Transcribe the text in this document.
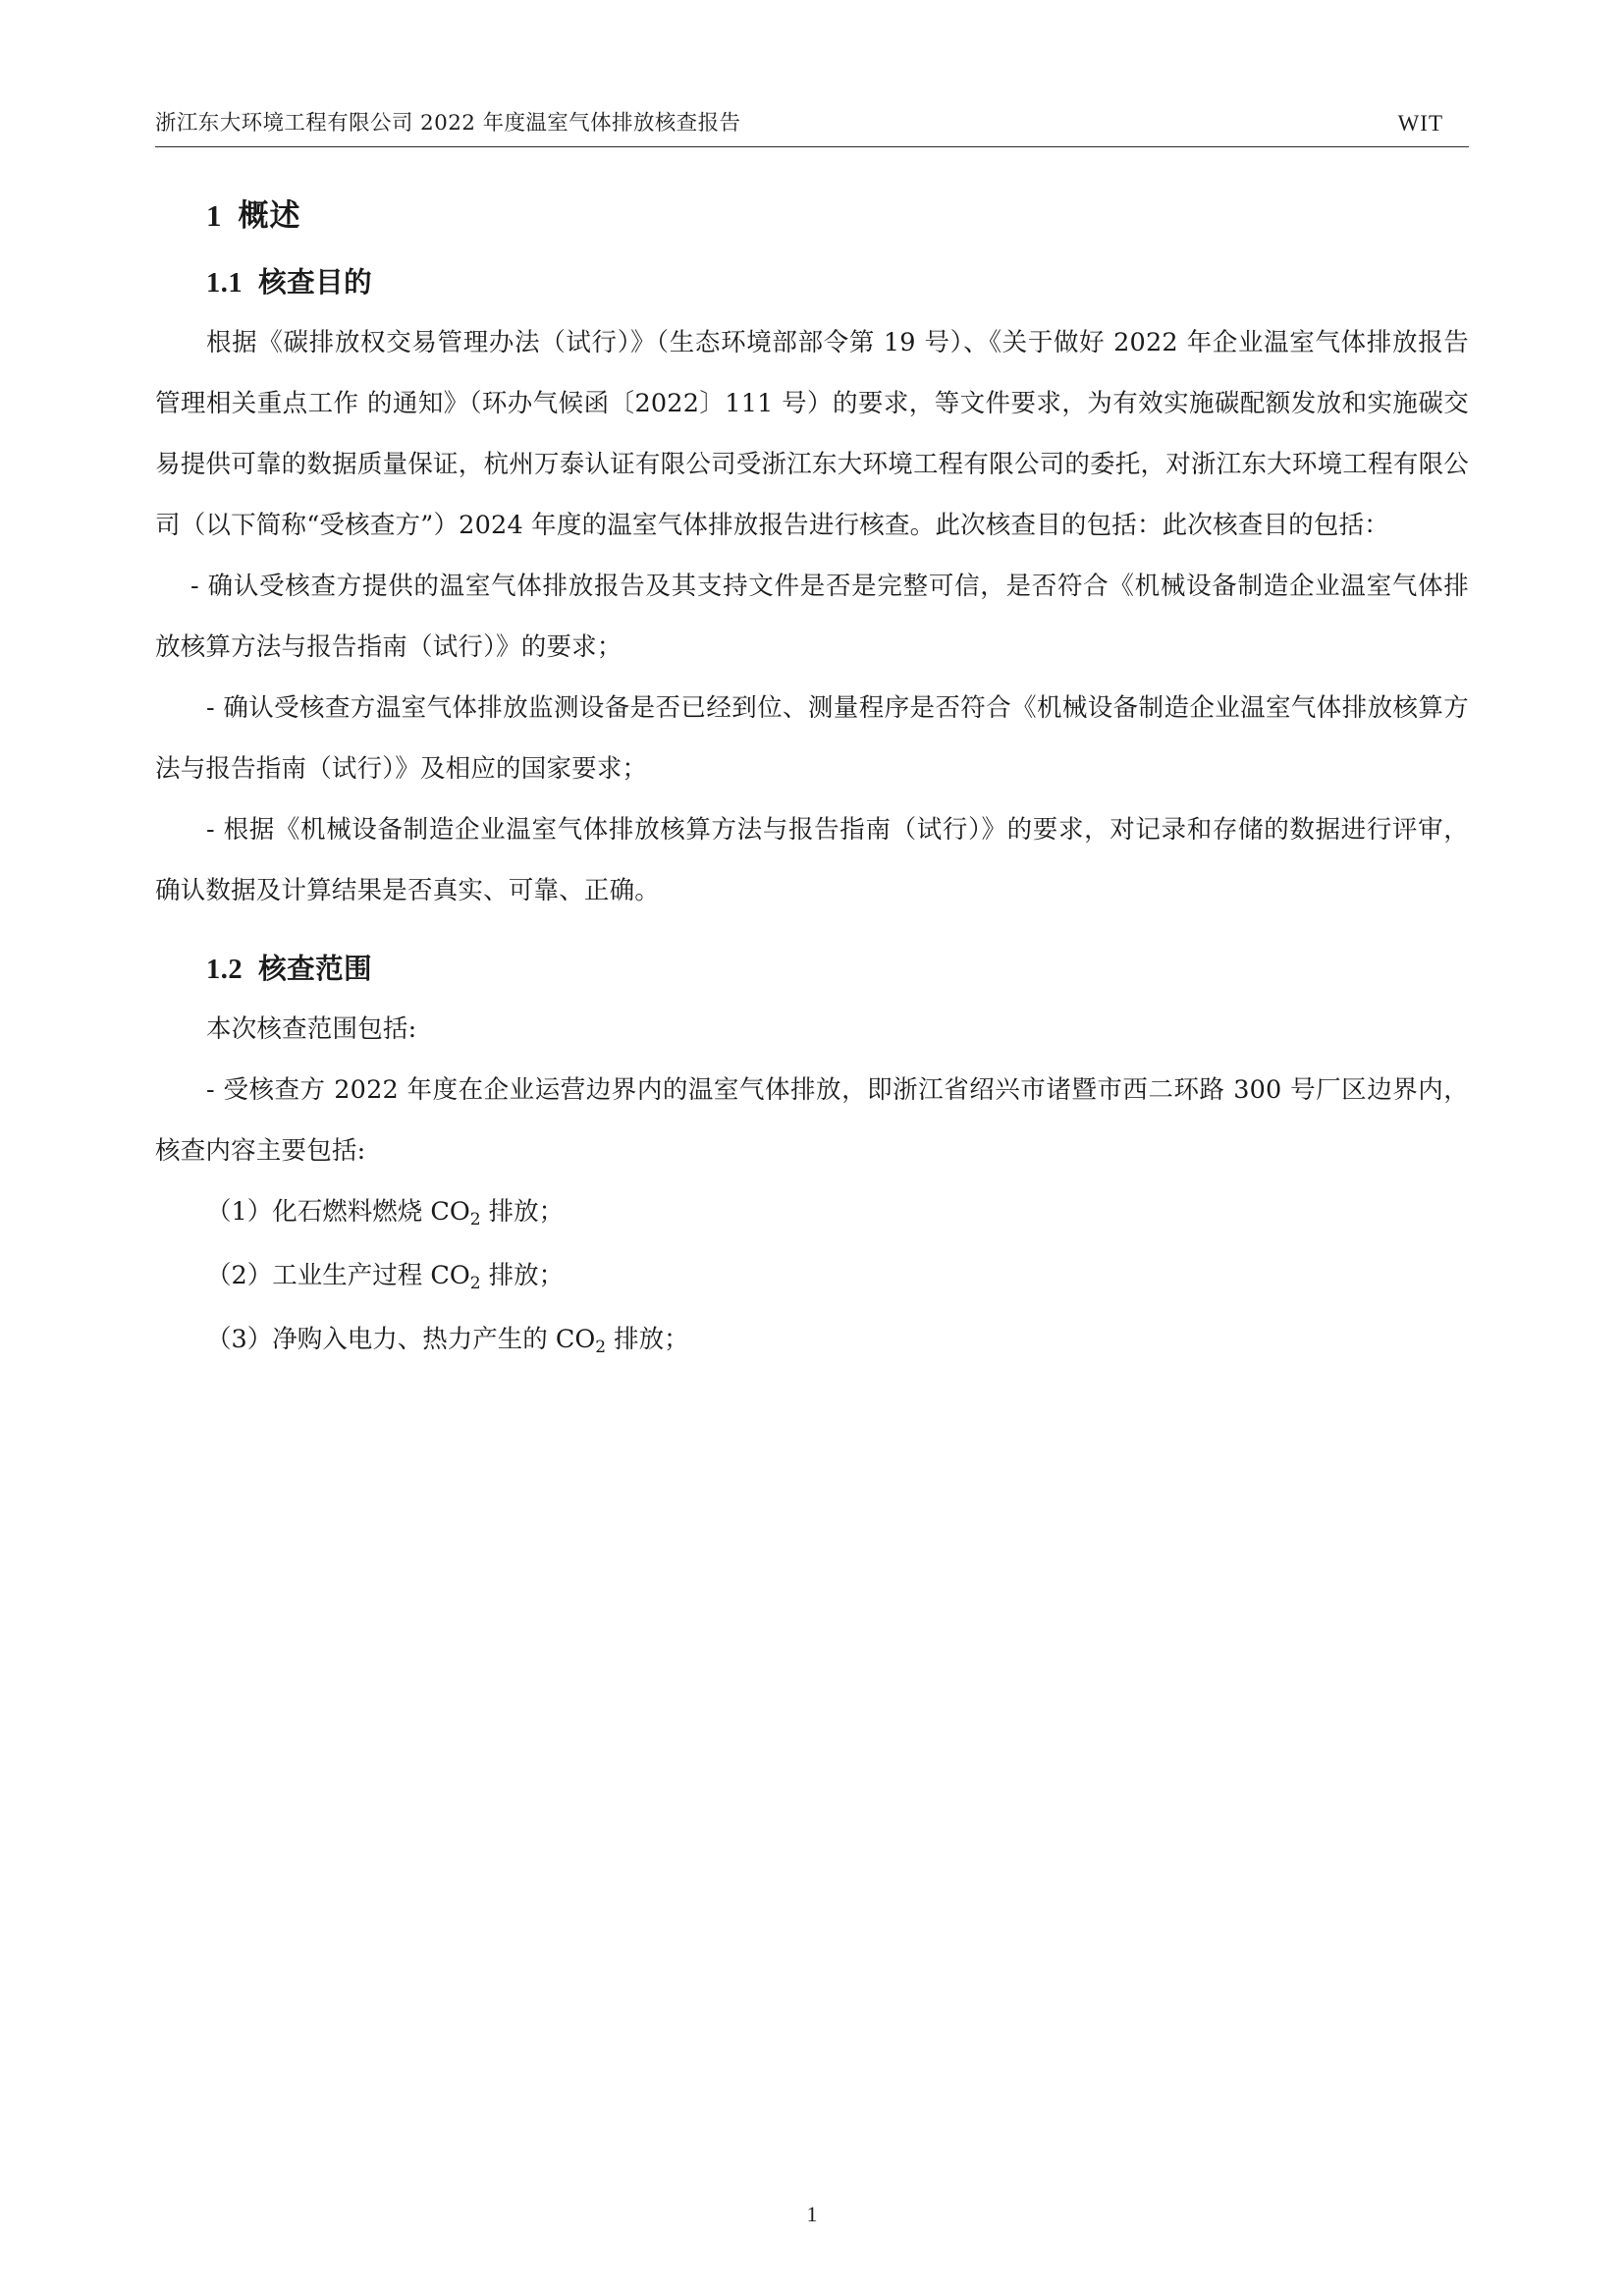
浙江东大环境工程有限公司 2022 年度温室气体排放核查报告	WIT
1 概述
1.1 核查目的

根据《碳排放权交易管理办法（试行）》（生态环境部部令第 19 号）、《关于做好 2022 年企业温室气体排放报告管理相关重点工作 的通知》（环办气候函〔2022〕111 号）的要求，等文件要求，为有效实施碳配额发放和实施碳交易提供可靠的数据质量保证，杭州万泰认证有限公司受浙江东大环境工程有限公司的委托，对浙江东大环境工程有限公司（以下简称“受核查方”）2024 年度的温室气体排放报告进行核查。此次核查目的包括：此次核查目的包括：

- 确认受核查方提供的温室气体排放报告及其支持文件是否是完整可信，是否符合《机械设备制造企业温室气体排放核算方法与报告指南（试行）》的要求；

- 确认受核查方温室气体排放监测设备是否已经到位、测量程序是否符合《机械设备制造企业温室气体排放核算方法与报告指南（试行）》及相应的国家要求；

- 根据《机械设备制造企业温室气体排放核算方法与报告指南（试行）》的要求，对记录和存储的数据进行评审，确认数据及计算结果是否真实、可靠、正确。

1.2 核查范围

本次核查范围包括:

- 受核查方 2022 年度在企业运营边界内的温室气体排放，即浙江省绍兴市诸暨市西二环路 300 号厂区边界内，核查内容主要包括:

（1）化石燃料燃烧 $CO_2$ 排放；
（2）工业生产过程 $CO_2$ 排放；
（3）净购入电力、热力产生的 $CO_2$ 排放；
1
